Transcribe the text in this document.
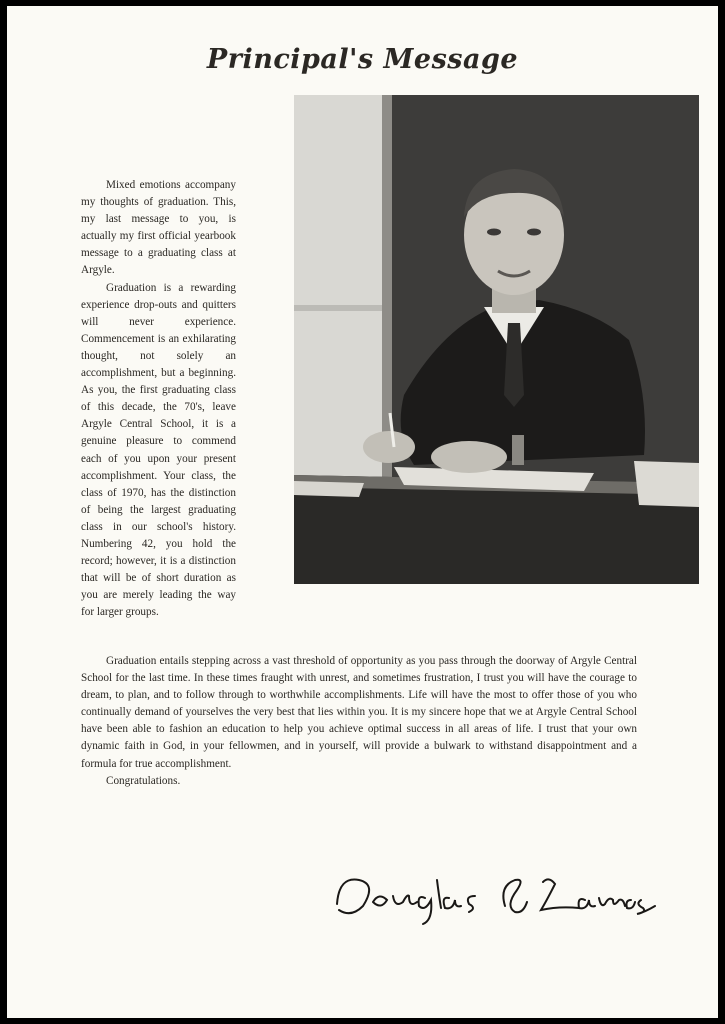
Principal's Message

Mixed emotions accompany my thoughts of graduation. This, my last message to you, is actually my first official yearbook message to a graduating class at Argyle.

Graduation is a rewarding experience drop-outs and quitters will never experience. Commencement is an exhilarating thought, not solely an accomplishment, but a beginning. As you, the first graduating class of this decade, the 70's, leave Argyle Central School, it is a genuine pleasure to commend each of you upon your present accomplishment. Your class, the class of 1970, has the distinction of being the largest graduating class in our school's history. Numbering 42, you hold the record; however, it is a distinction that will be of short duration as you are merely leading the way for larger groups.

Graduation entails stepping across a vast threshold of opportunity as you pass through the doorway of Argyle Central School for the last time. In these times fraught with unrest, and sometimes frustration, I trust you will have the courage to dream, to plan, and to follow through to worthwhile accomplishments. Life will have the most to offer those of you who continually demand of yourselves the very best that lies within you. It is my sincere hope that we at Argyle Central School have been able to fashion an education to help you achieve optimal success in all areas of life. I trust that your own dynamic faith in God, in your fellowmen, and in yourself, will provide a bulwark to withstand disappointment and a formula for true accomplishment.

Congratulations.
